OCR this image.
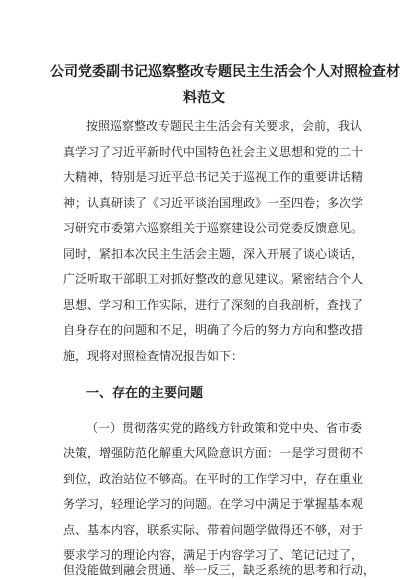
公司党委副书记巡察整改专题民主生活会个人对照检查材
料范文
按照巡察整改专题民主生活会有关要求，会前，我认
真学习了习近平新时代中国特色社会主义思想和党的二十
大精神，特别是习近平总书记关于巡视工作的重要讲话精
神；认真研读了《习近平谈治国理政》一至四卷；多次学
习研究市委第六巡察组关于巡察建设公司党委反馈意见。
同时，紧扣本次民主生活会主题，深入开展了谈心谈话，
广泛听取干部职工对抓好整改的意见建议。紧密结合个人
思想、学习和工作实际，进行了深刻的自我剖析，查找了
自身存在的问题和不足，明确了今后的努力方向和整改措
施，现将对照检查情况报告如下：
一、存在的主要问题
（一）贯彻落实党的路线方针政策和党中央、省市委
决策，增强防范化解重大风险意识方面：一是学习贯彻不
到位，政治站位不够高。在平时的工作学习中，存在重业
务学习，轻理论学习的问题。在学习中满足于掌握基本观
点、基本内容，联系实际、带着问题学做得还不够，对于
要求学习的理论内容，满足于内容学习了、笔记记过了，
但没能做到融会贯通、举一反三，缺乏系统的思考和行动，
